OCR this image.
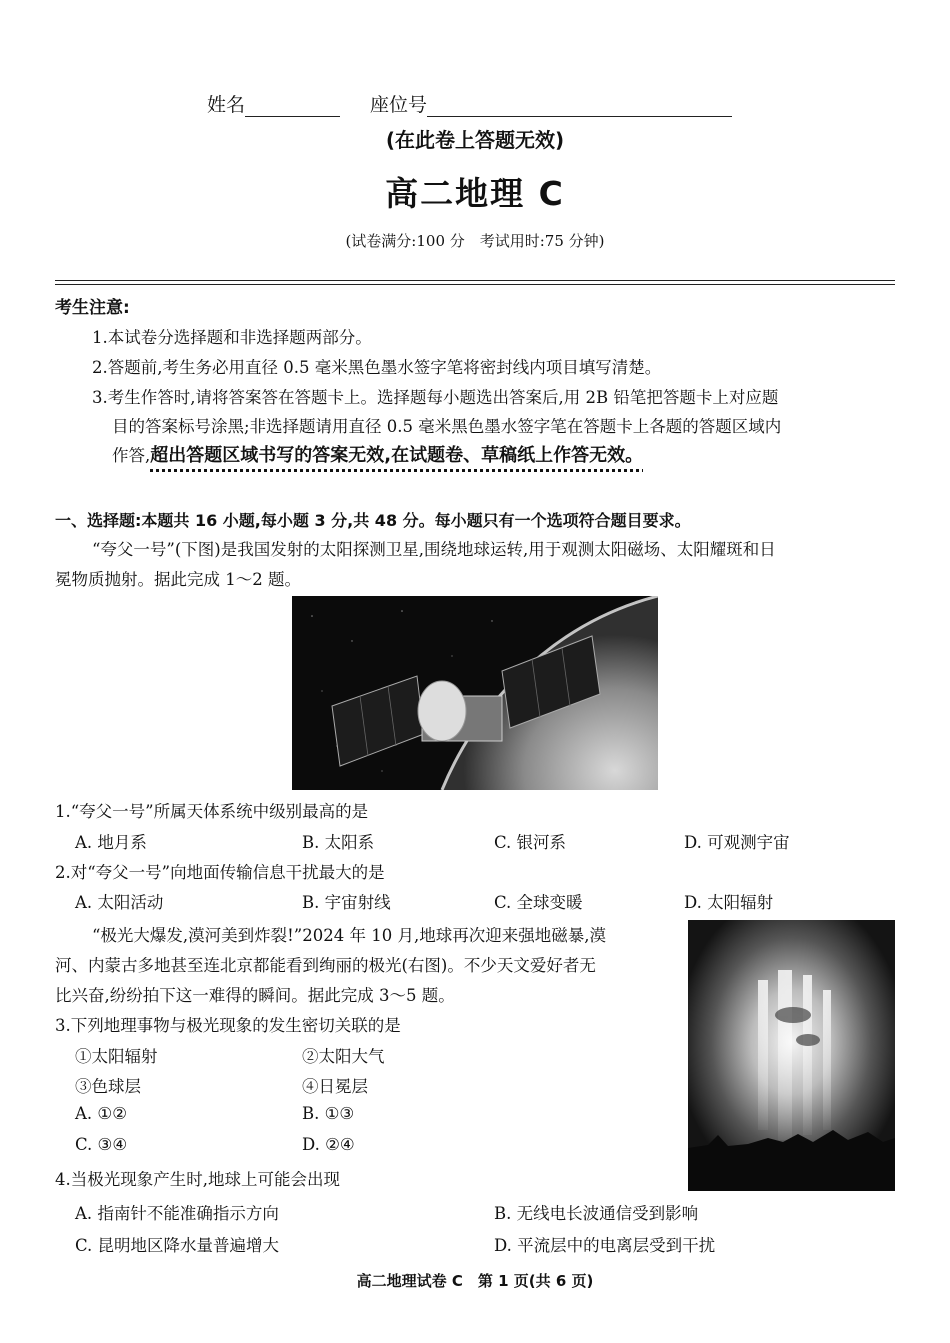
姓名	座位号
(在此卷上答题无效)
高二地理 C
(试卷满分:100 分　考试用时:75 分钟)
考生注意:
1.本试卷分选择题和非选择题两部分。
2.答题前,考生务必用直径 0.5 毫米黑色墨水签字笔将密封线内项目填写清楚。
3.考生作答时,请将答案答在答题卡上。选择题每小题选出答案后,用 2B 铅笔把答题卡上对应题
目的答案标号涂黑;非选择题请用直径 0.5 毫米黑色墨水签字笔在答题卡上各题的答题区域内
作答,超出答题区域书写的答案无效,在试题卷、草稿纸上作答无效。
一、选择题:本题共 16 小题,每小题 3 分,共 48 分。每小题只有一个选项符合题目要求。
“夸父一号”(下图)是我国发射的太阳探测卫星,围绕地球运转,用于观测太阳磁场、太阳耀斑和日
冕物质抛射。据此完成 1～2 题。
1.“夸父一号”所属天体系统中级别最高的是
A. 地月系	B. 太阳系	C. 银河系	D. 可观测宇宙
2.对“夸父一号”向地面传输信息干扰最大的是
A. 太阳活动	B. 宇宙射线	C. 全球变暖	D. 太阳辐射
“极光大爆发,漠河美到炸裂!”2024 年 10 月,地球再次迎来强地磁暴,漠
河、内蒙古多地甚至连北京都能看到绚丽的极光(右图)。不少天文爱好者无
比兴奋,纷纷拍下这一难得的瞬间。据此完成 3～5 题。
3.下列地理事物与极光现象的发生密切关联的是
①太阳辐射	②太阳大气
③色球层	④日冕层
A. ①②	B. ①③
C. ③④	D. ②④
4.当极光现象产生时,地球上可能会出现
A. 指南针不能准确指示方向	B. 无线电长波通信受到影响
C. 昆明地区降水量普遍增大	D. 平流层中的电离层受到干扰
高二地理试卷 C　第 1 页(共 6 页)
